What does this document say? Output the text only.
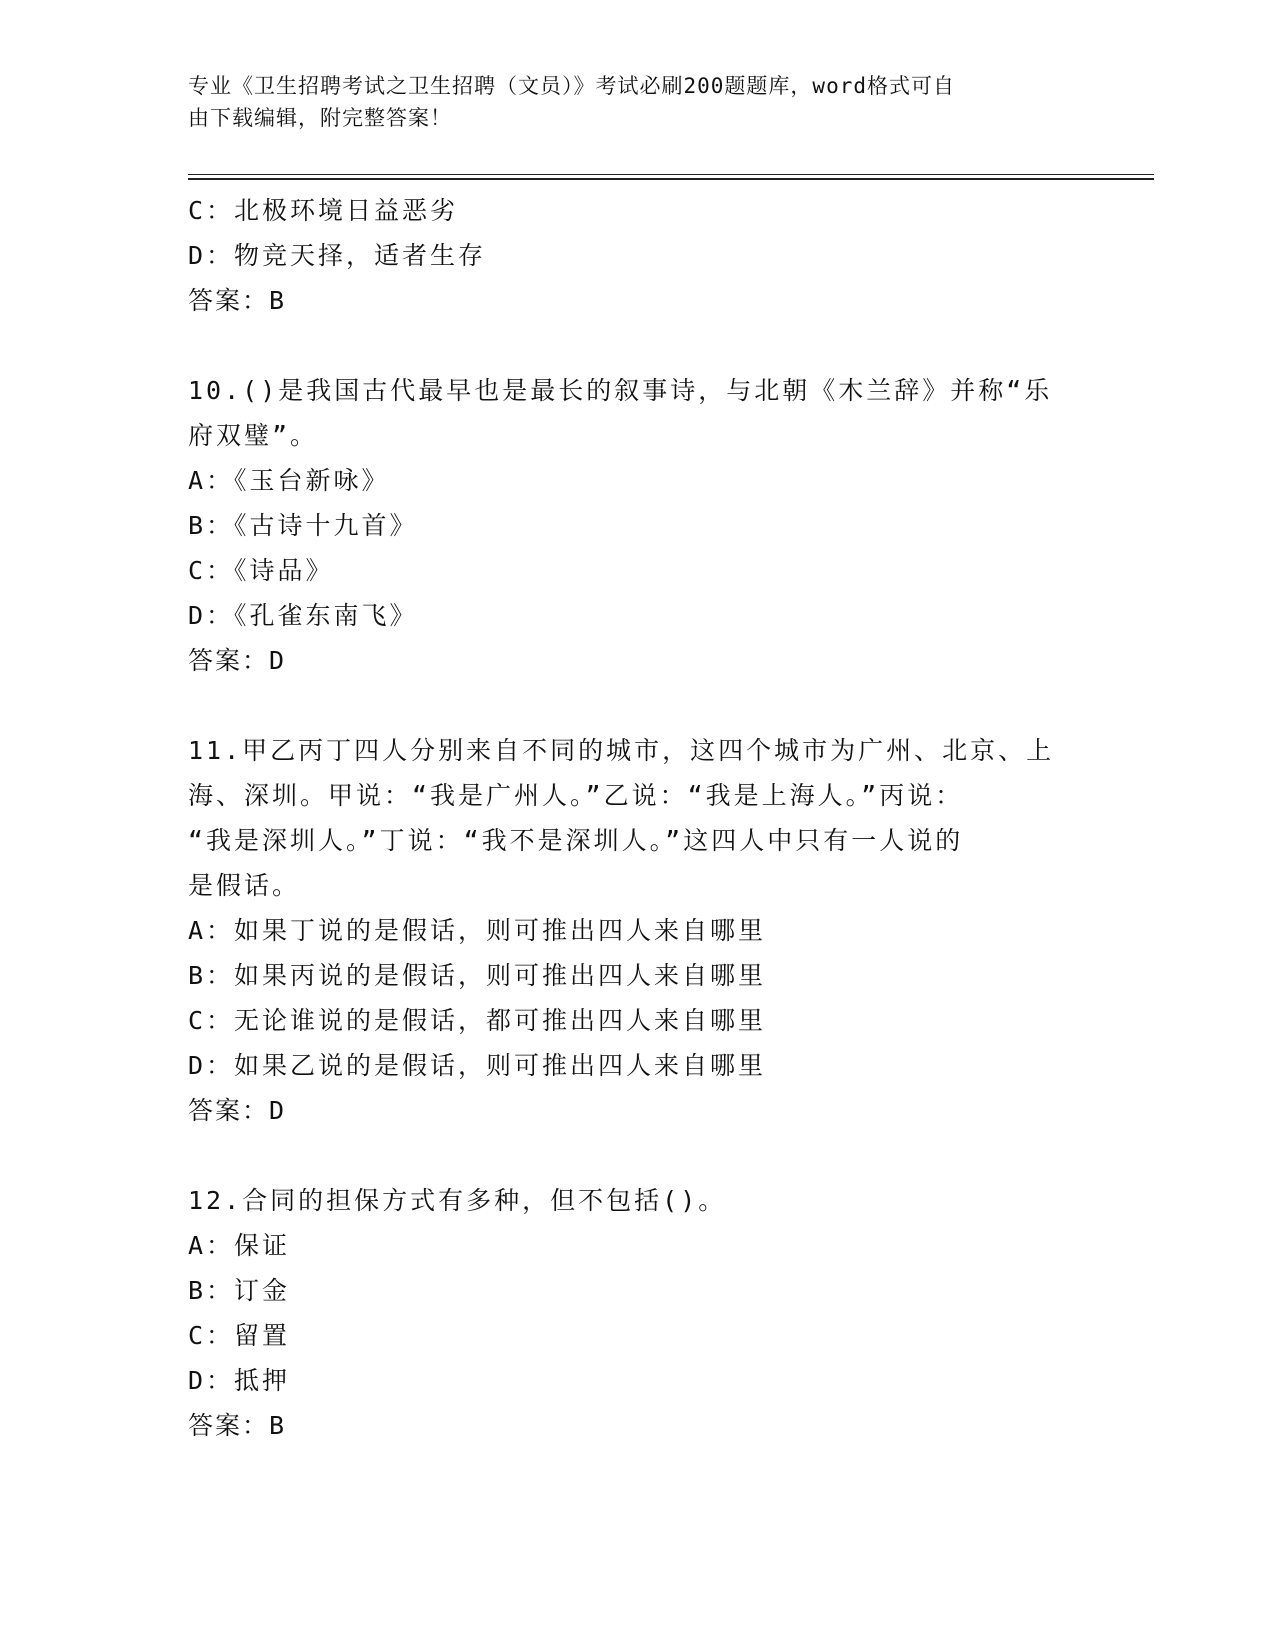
专业《卫生招聘考试之卫生招聘（文员）》考试必刷200题题库，word格式可自
由下载编辑，附完整答案！
C：北极环境日益恶劣
D：物竞天择，适者生存
答案：B
10.()是我国古代最早也是最长的叙事诗，与北朝《木兰辞》并称“乐
府双璧”。
A：《玉台新咏》
B：《古诗十九首》
C：《诗品》
D：《孔雀东南飞》
答案：D
11.甲乙丙丁四人分别来自不同的城市，这四个城市为广州、北京、上
海、深圳。甲说：“我是广州人。”乙说：“我是上海人。”丙说：
“我是深圳人。”丁说：“我不是深圳人。”这四人中只有一人说的
是假话。
A：如果丁说的是假话，则可推出四人来自哪里
B：如果丙说的是假话，则可推出四人来自哪里
C：无论谁说的是假话，都可推出四人来自哪里
D：如果乙说的是假话，则可推出四人来自哪里
答案：D
12.合同的担保方式有多种，但不包括()。
A：保证
B：订金
C：留置
D：抵押
答案：B
